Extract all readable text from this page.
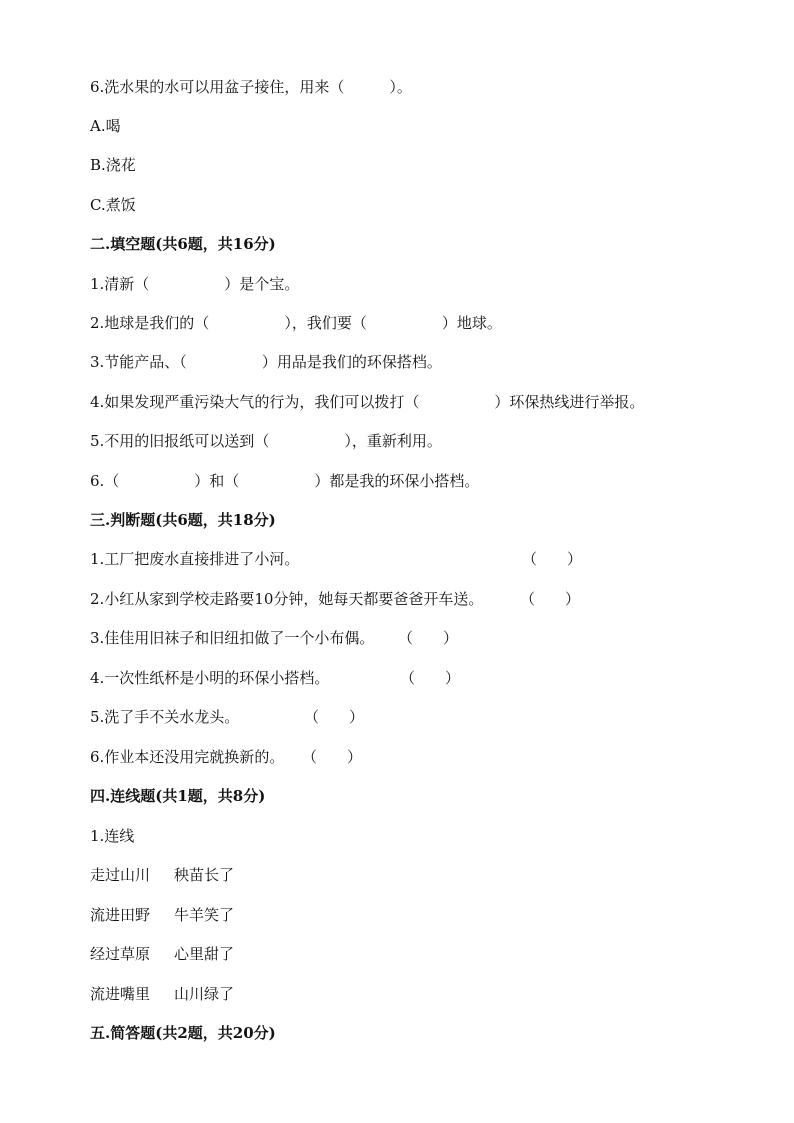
6.洗水果的水可以用盆子接住，用来（　　　）。
A.喝
B.浇花
C.煮饭
二.填空题(共6题，共16分)
1.清新（　　　　　）是个宝。
2.地球是我们的（　　　　　），我们要（　　　　　）地球。
3.节能产品、（　　　　　）用品是我们的环保搭档。
4.如果发现严重污染大气的行为，我们可以拨打（　　　　　）环保热线进行举报。
5.不用的旧报纸可以送到（　　　　　），重新利用。
6.（　　　　　）和（　　　　　）都是我的环保小搭档。
三.判断题(共6题，共18分)
1.工厂把废水直接排进了小河。	（　　）
2.小红从家到学校走路要10分钟，她每天都要爸爸开车送。 （　　）
3.佳佳用旧袜子和旧纽扣做了一个小布偶。 （　　）
4.一次性纸杯是小明的环保小搭档。	（　　）
5.洗了手不关水龙头。	（　　）
6.作业本还没用完就换新的。 （　　）
四.连线题(共1题，共8分)
1.连线
走过山川 秧苗长了
流进田野 牛羊笑了
经过草原 心里甜了
流进嘴里 山川绿了
五.简答题(共2题，共20分)
